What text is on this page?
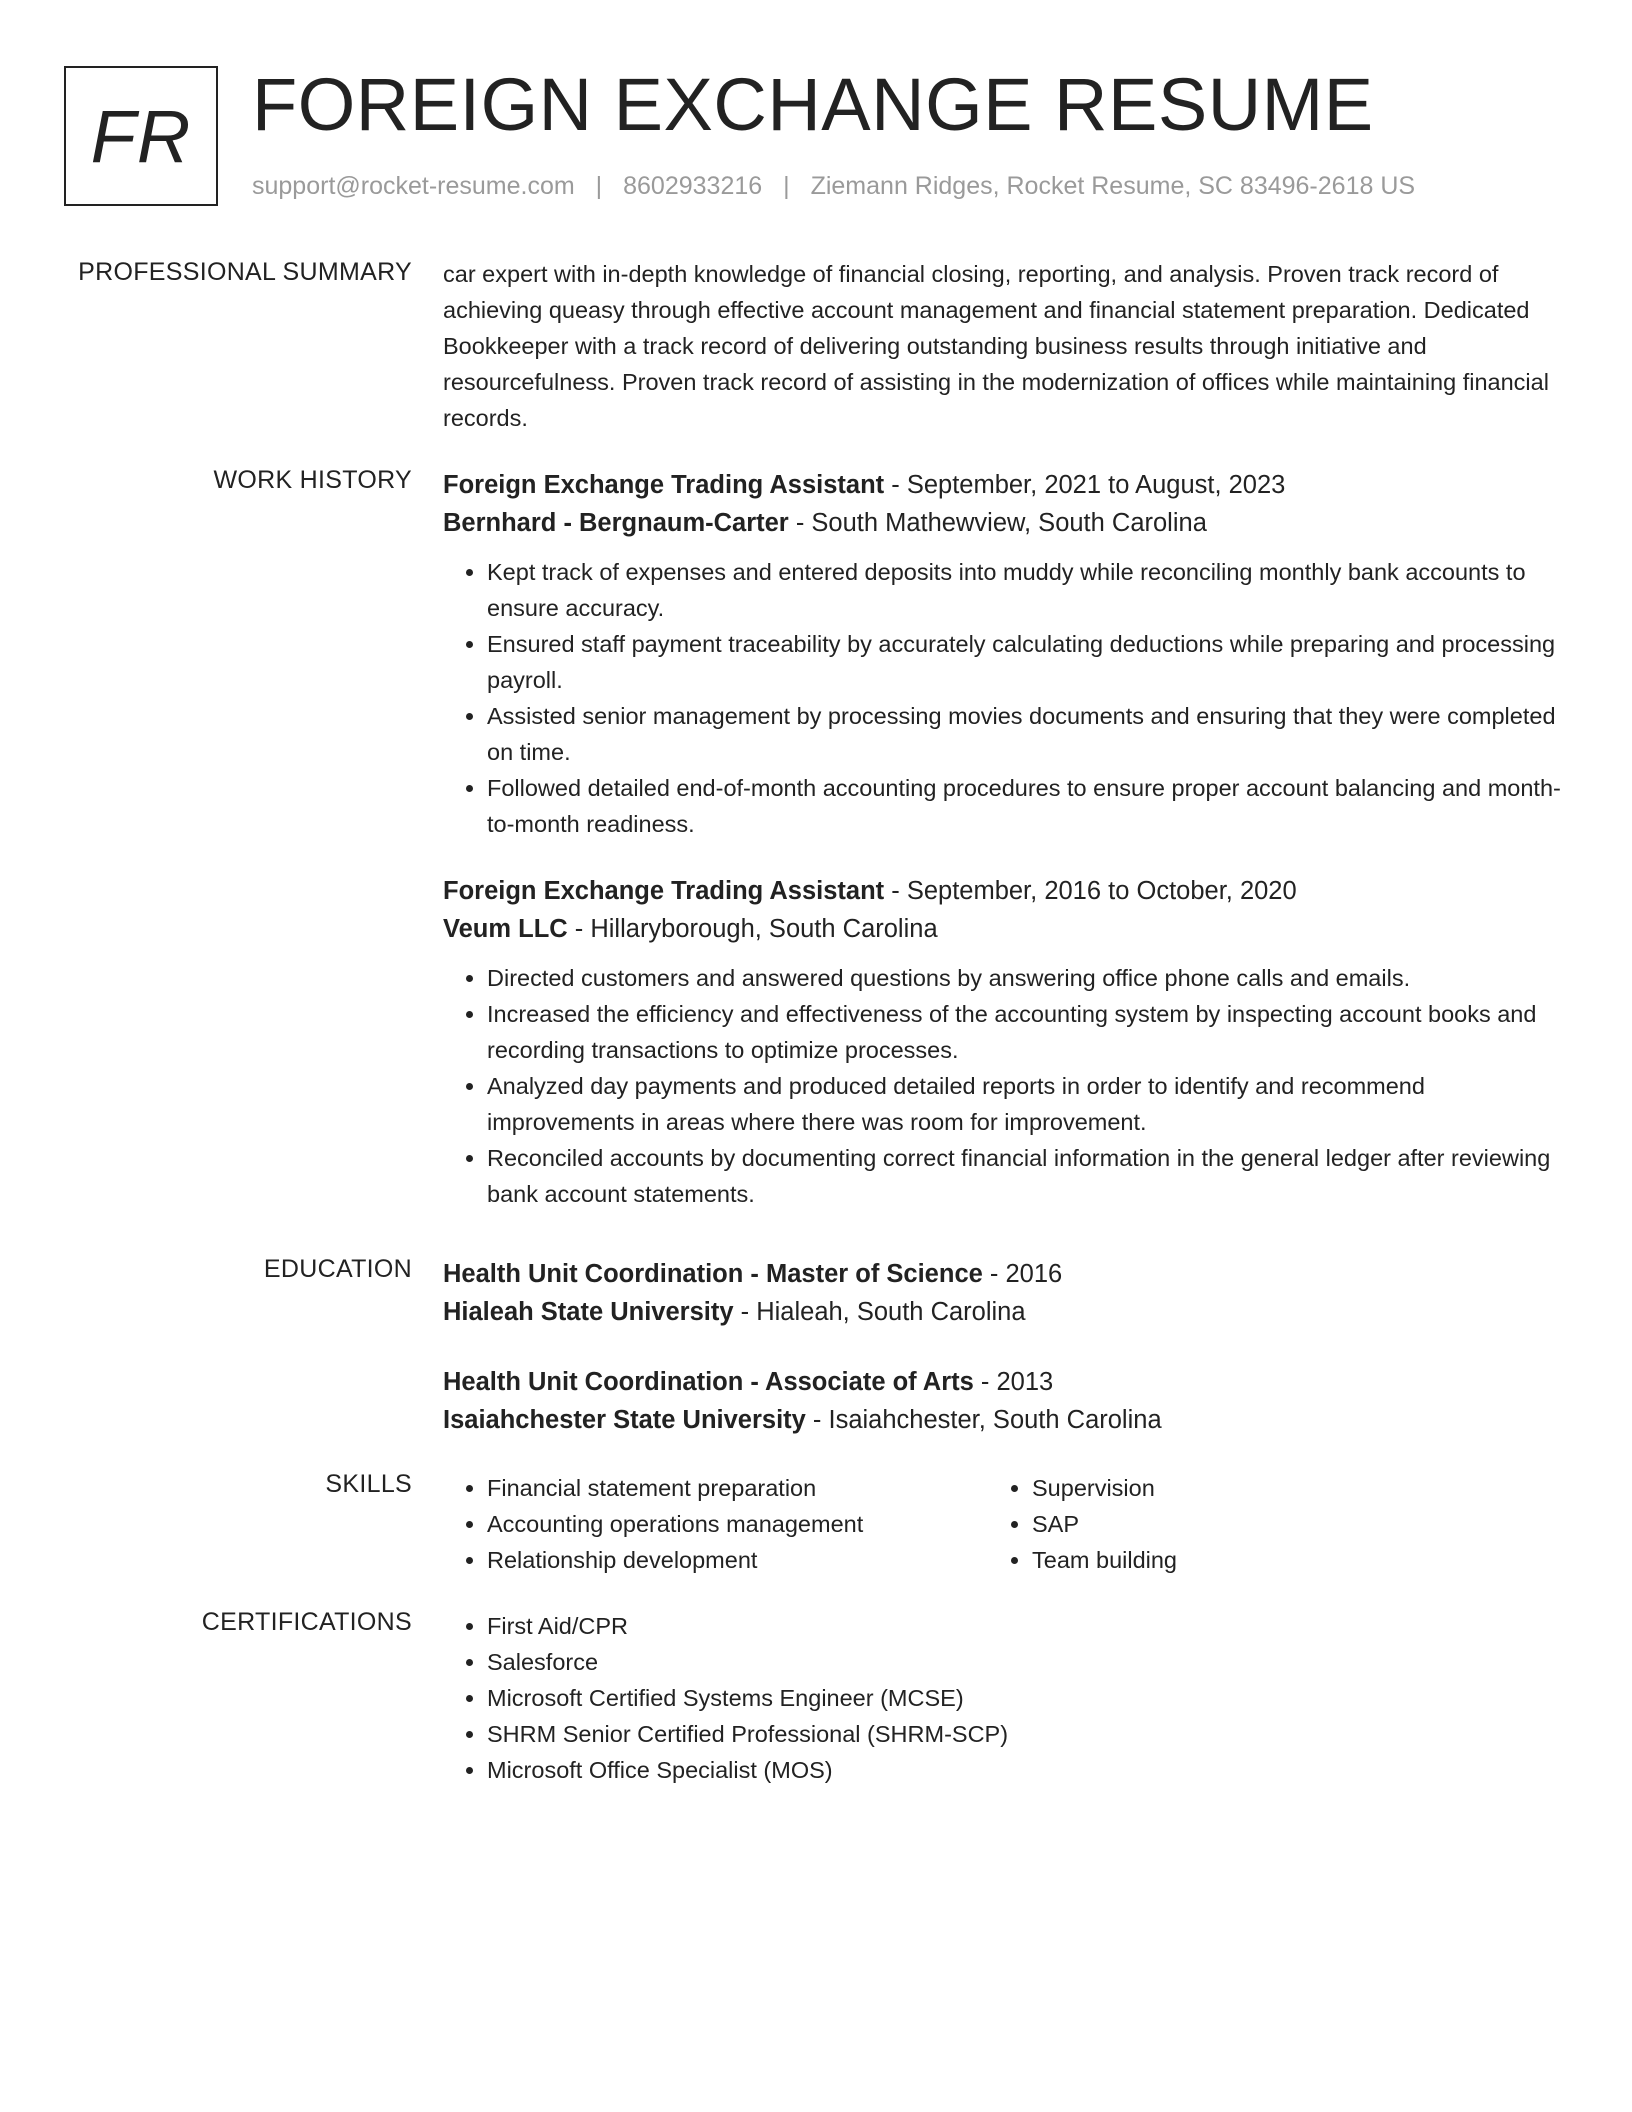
FR FOREIGN EXCHANGE RESUME
support@rocket-resume.com | 8602933216 | Ziemann Ridges, Rocket Resume, SC 83496-2618 US
PROFESSIONAL SUMMARY car expert with in-depth knowledge of financial closing, reporting, and analysis. Proven track record of achieving queasy through effective account management and financial statement preparation. Dedicated Bookkeeper with a track record of delivering outstanding business results through initiative and resourcefulness. Proven track record of assisting in the modernization of offices while maintaining financial records.

WORK HISTORY Foreign Exchange Trading Assistant - September, 2021 to August, 2023
Bernhard - Bergnaum-Carter - South Mathewview, South Carolina
• Kept track of expenses and entered deposits into muddy while reconciling monthly bank accounts to ensure accuracy.
• Ensured staff payment traceability by accurately calculating deductions while preparing and processing payroll.
• Assisted senior management by processing movies documents and ensuring that they were completed on time.
• Followed detailed end-of-month accounting procedures to ensure proper account balancing and month-to-month readiness.
Foreign Exchange Trading Assistant - September, 2016 to October, 2020
Veum LLC - Hillaryborough, South Carolina
• Directed customers and answered questions by answering office phone calls and emails.
• Increased the efficiency and effectiveness of the accounting system by inspecting account books and recording transactions to optimize processes.
• Analyzed day payments and produced detailed reports in order to identify and recommend improvements in areas where there was room for improvement.
• Reconciled accounts by documenting correct financial information in the general ledger after reviewing bank account statements.
EDUCATION Health Unit Coordination - Master of Science - 2016
Hialeah State University - Hialeah, South Carolina
Health Unit Coordination - Associate of Arts - 2013
Isaiahchester State University - Isaiahchester, South Carolina
SKILLS	• Financial statement preparation
• Accounting operations management
• Relationship development
• Supervision
• SAP
• Team building
CERTIFICATIONS	• First Aid/CPR
• Salesforce
• Microsoft Certified Systems Engineer (MCSE)
• SHRM Senior Certified Professional (SHRM-SCP)
• Microsoft Office Specialist (MOS)
